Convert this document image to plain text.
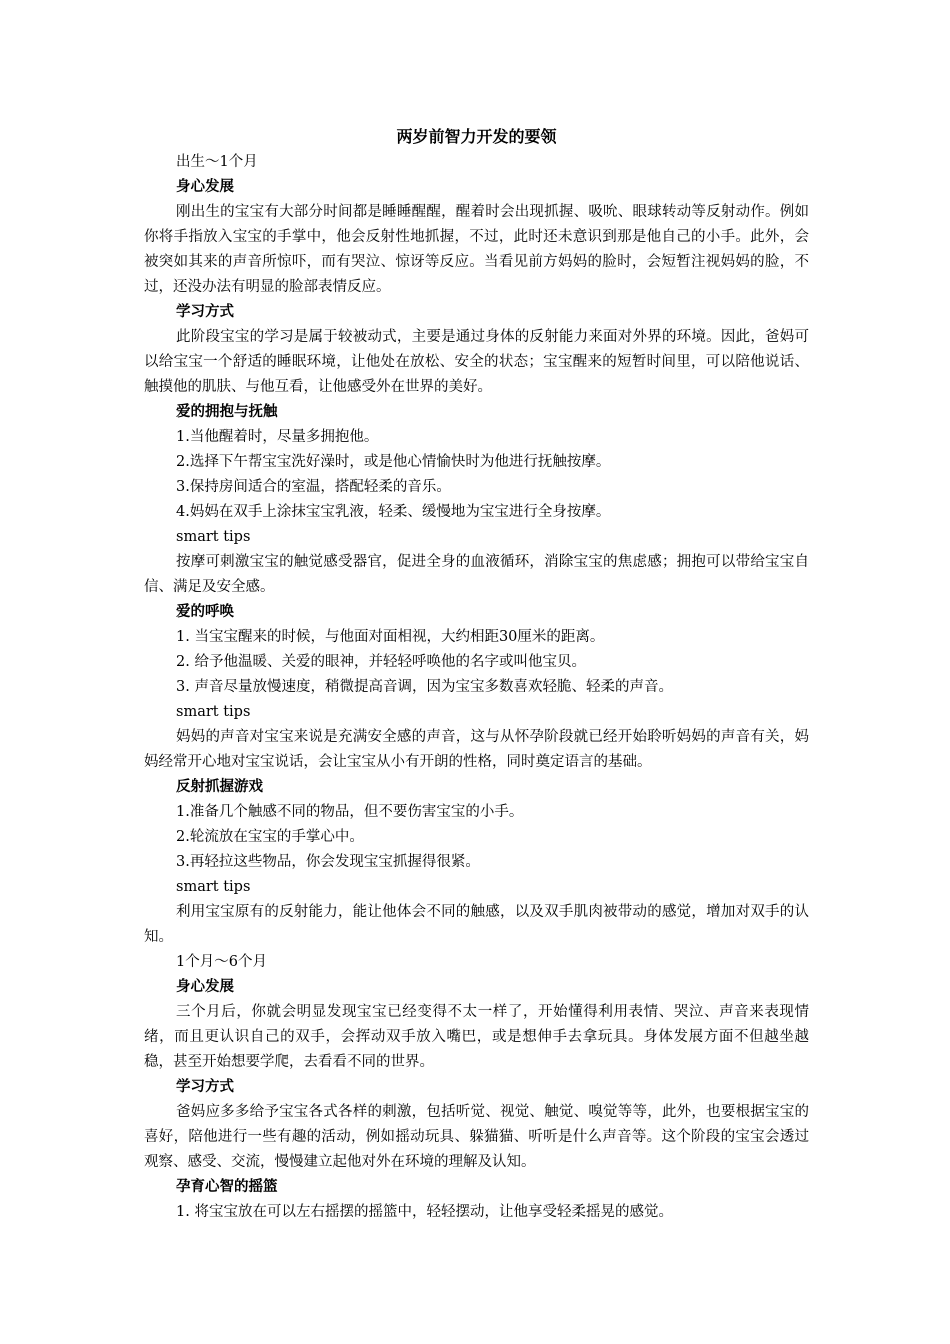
两岁前智力开发的要领
出生～1个月
身心发展
刚出生的宝宝有大部分时间都是睡睡醒醒，醒着时会出现抓握、吸吮、眼球转动等反射动作。例如你将手指放入宝宝的手掌中，他会反射性地抓握，不过，此时还未意识到那是他自己的小手。此外，会被突如其来的声音所惊吓，而有哭泣、惊讶等反应。当看见前方妈妈的脸时，会短暂注视妈妈的脸，不过，还没办法有明显的脸部表情反应。
学习方式
此阶段宝宝的学习是属于较被动式，主要是通过身体的反射能力来面对外界的环境。因此，爸妈可以给宝宝一个舒适的睡眠环境，让他处在放松、安全的状态；宝宝醒来的短暂时间里，可以陪他说话、触摸他的肌肤、与他互看，让他感受外在世界的美好。
爱的拥抱与抚触
1.当他醒着时，尽量多拥抱他。
2.选择下午帮宝宝洗好澡时，或是他心情愉快时为他进行抚触按摩。
3.保持房间适合的室温，搭配轻柔的音乐。
4.妈妈在双手上涂抹宝宝乳液，轻柔、缓慢地为宝宝进行全身按摩。
smart tips
按摩可刺激宝宝的触觉感受器官，促进全身的血液循环，消除宝宝的焦虑感；拥抱可以带给宝宝自信、满足及安全感。
爱的呼唤
1. 当宝宝醒来的时候，与他面对面相视，大约相距30厘米的距离。
2. 给予他温暖、关爱的眼神，并轻轻呼唤他的名字或叫他宝贝。
3. 声音尽量放慢速度，稍微提高音调，因为宝宝多数喜欢轻脆、轻柔的声音。
smart tips
妈妈的声音对宝宝来说是充满安全感的声音，这与从怀孕阶段就已经开始聆听妈妈的声音有关，妈妈经常开心地对宝宝说话，会让宝宝从小有开朗的性格，同时奠定语言的基础。
反射抓握游戏
1.准备几个触感不同的物品，但不要伤害宝宝的小手。
2.轮流放在宝宝的手掌心中。
3.再轻拉这些物品，你会发现宝宝抓握得很紧。
smart tips
利用宝宝原有的反射能力，能让他体会不同的触感，以及双手肌肉被带动的感觉，增加对双手的认知。
1个月～6个月
身心发展
三个月后，你就会明显发现宝宝已经变得不太一样了，开始懂得利用表情、哭泣、声音来表现情绪，而且更认识自己的双手，会挥动双手放入嘴巴，或是想伸手去拿玩具。身体发展方面不但越坐越稳，甚至开始想要学爬，去看看不同的世界。
学习方式
爸妈应多多给予宝宝各式各样的刺激，包括听觉、视觉、触觉、嗅觉等等，此外，也要根据宝宝的喜好，陪他进行一些有趣的活动，例如摇动玩具、躲猫猫、听听是什么声音等。这个阶段的宝宝会透过观察、感受、交流，慢慢建立起他对外在环境的理解及认知。
孕育心智的摇篮
1. 将宝宝放在可以左右摇摆的摇篮中，轻轻摆动，让他享受轻柔摇晃的感觉。
